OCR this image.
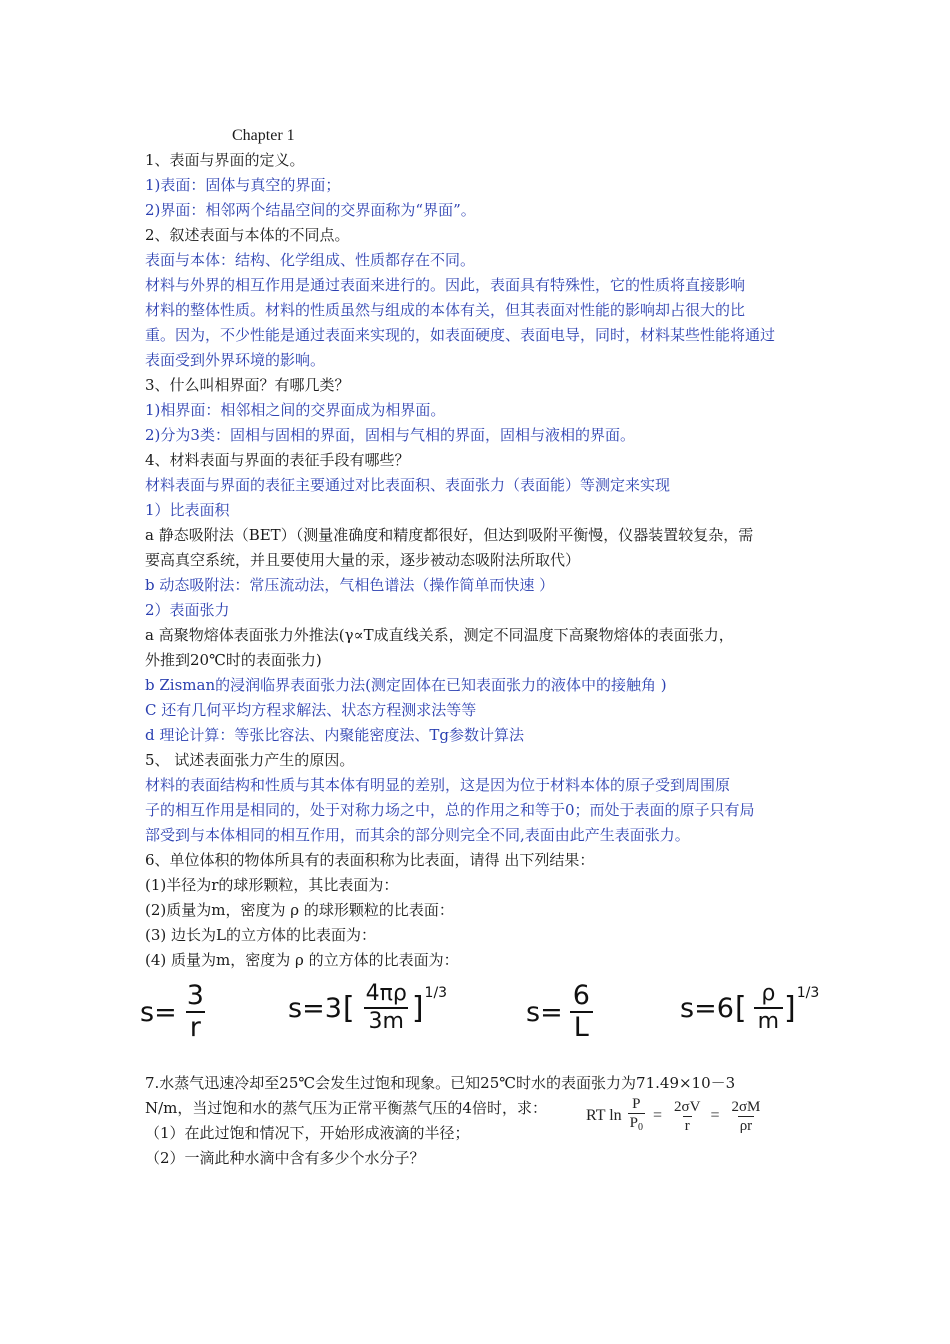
Chapter 1
1、表面与界面的定义。
1)表面：固体与真空的界面；
2)界面：相邻两个结晶空间的交界面称为“界面”。
2、叙述表面与本体的不同点。
表面与本体：结构、化学组成、性质都存在不同。
材料与外界的相互作用是通过表面来进行的。因此，表面具有特殊性，它的性质将直接影响
材料的整体性质。材料的性质虽然与组成的本体有关，但其表面对性能的影响却占很大的比
重。因为，不少性能是通过表面来实现的，如表面硬度、表面电导，同时，材料某些性能将通过
表面受到外界环境的影响。
3、什么叫相界面？有哪几类？
1)相界面：相邻相之间的交界面成为相界面。
2)分为3类：固相与固相的界面，固相与气相的界面，固相与液相的界面。
4、材料表面与界面的表征手段有哪些？
材料表面与界面的表征主要通过对比表面积、表面张力（表面能）等测定来实现
1）比表面积
a 静态吸附法（BET）（测量准确度和精度都很好，但达到吸附平衡慢，仪器装置较复杂，需
要高真空系统，并且要使用大量的汞，逐步被动态吸附法所取代）
b 动态吸附法：常压流动法，气相色谱法（操作简单而快速 ）
2）表面张力
a 高聚物熔体表面张力外推法(γ∝T成直线关系，测定不同温度下高聚物熔体的表面张力，
外推到20℃时的表面张力)
b Zisman的浸润临界表面张力法(测定固体在已知表面张力的液体中的接触角 )
C 还有几何平均方程求解法、状态方程测求法等等
d 理论计算：等张比容法、内聚能密度法、Tg参数计算法
5、 试述表面张力产生的原因。
材料的表面结构和性质与其本体有明显的差别，这是因为位于材料本体的原子受到周围原
子的相互作用是相同的，处于对称力场之中，总的作用之和等于0；而处于表面的原子只有局
部受到与本体相同的相互作用，而其余的部分则完全不同,表面由此产生表面张力。
6、单位体积的物体所具有的表面积称为比表面，请得 出下列结果：
(1)半径为r的球形颗粒，其比表面为：
(2)质量为m，密度为 ρ 的球形颗粒的比表面：
(3) 边长为L的立方体的比表面为：
(4) 质量为m，密度为 ρ 的立方体的比表面为：
$s= \frac{3}{r}$	s=3 [ $\frac{4\pi\rho}{3m}$ ] 1/3
$s= \frac{6}{L}$	s=6 [ $\frac{\rho}{m}$ ] 1/3
7.水蒸气迅速冷却至25℃会发生过饱和现象。已知25℃时水的表面张力为71.49×10－3
N/m，当过饱和水的蒸气压为正常平衡蒸气压的4倍时，求：	RT $\ln \frac{P}{P_0} = \frac{2\sigma V}{r} = \frac{2\sigma M}{\rho r}$
（1）在此过饱和情况下，开始形成液滴的半径；
（2）一滴此种水滴中含有多少个水分子？
